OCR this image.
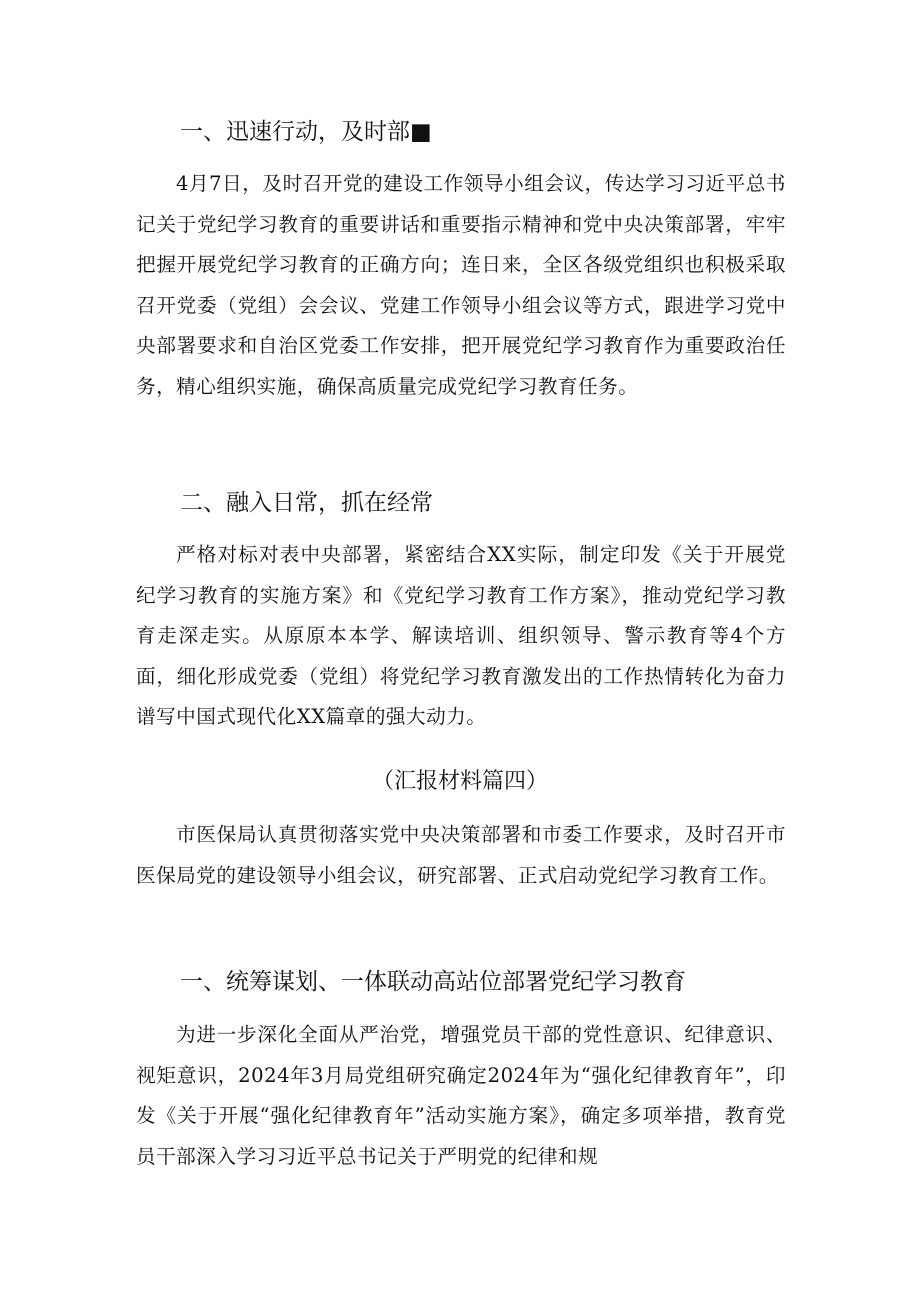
一、迅速行动，及时部■
4月7日，及时召开党的建设工作领导小组会议，传达学习习近平总书记关于党纪学习教育的重要讲话和重要指示精神和党中央决策部署，牢牢把握开展党纪学习教育的正确方向；连日来，全区各级党组织也积极采取召开党委（党组）会会议、党建工作领导小组会议等方式，跟进学习党中央部署要求和自治区党委工作安排，把开展党纪学习教育作为重要政治任务，精心组织实施，确保高质量完成党纪学习教育任务。
二、融入日常，抓在经常
严格对标对表中央部署，紧密结合XX实际，制定印发《关于开展党纪学习教育的实施方案》和《党纪学习教育工作方案》，推动党纪学习教育走深走实。从原原本本学、解读培训、组织领导、警示教育等4个方面，细化形成党委（党组）将党纪学习教育激发出的工作热情转化为奋力谱写中国式现代化XX篇章的强大动力。
（汇报材料篇四）
市医保局认真贯彻落实党中央决策部署和市委工作要求，及时召开市医保局党的建设领导小组会议，研究部署、正式启动党纪学习教育工作。
一、统筹谋划、一体联动高站位部署党纪学习教育
为进一步深化全面从严治党，增强党员干部的党性意识、纪律意识、视矩意识，2024年3月局党组研究确定2024年为“强化纪律教育年”，印发《关于开展“强化纪律教育年”活动实施方案》，确定多项举措，教育党员干部深入学习习近平总书记关于严明党的纪律和规
